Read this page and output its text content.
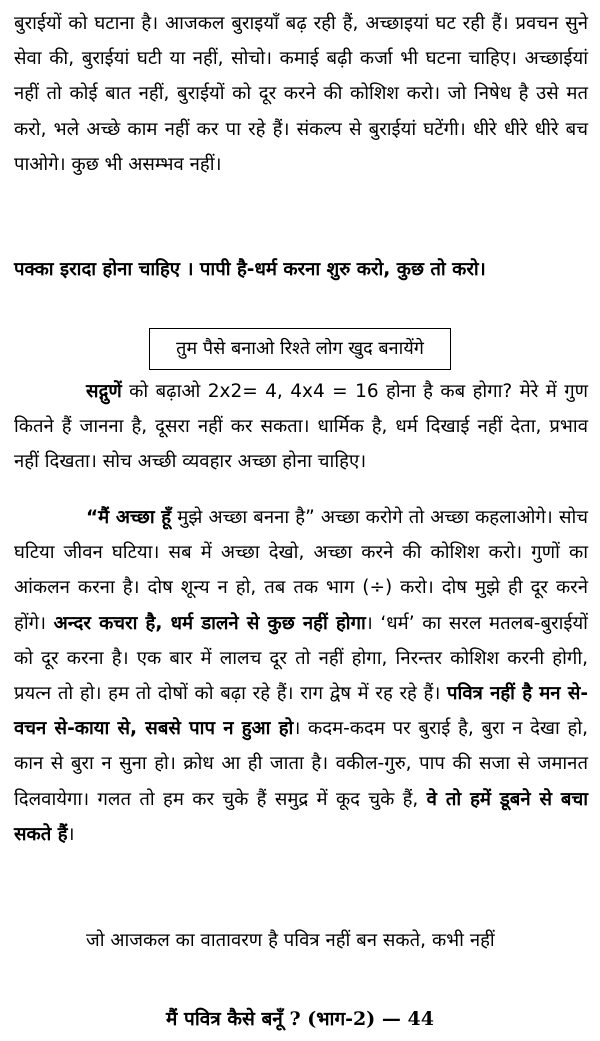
बुराईयों को घटाना है। आजकल बुराइयाँ बढ़ रही हैं, अच्छाइयां घट रही हैं। प्रवचन सुने सेवा की, बुराईयां घटी या नहीं, सोचो। कमाई बढ़ी कर्जा भी घटना चाहिए। अच्छाईयां नहीं तो कोई बात नहीं, बुराईयों को दूर करने की कोशिश करो। जो निषेध है उसे मत करो, भले अच्छे काम नहीं कर पा रहे हैं। संकल्प से बुराईयां घटेंगी। धीरे धीरे धीरे बच पाओगे। कुछ भी असम्भव नहीं।

पक्का इरादा होना चाहिए । पापी है-धर्म करना शुरु करो, कुछ तो करो।

तुम पैसे बनाओ रिश्ते लोग खुद बनायेंगे

सद्गुणें को बढ़ाओ 2x2= 4, 4x4 = 16 होना है कब होगा? मेरे में गुण कितने हैं जानना है, दूसरा नहीं कर सकता। धार्मिक है, धर्म दिखाई नहीं देता, प्रभाव नहीं दिखता। सोच अच्छी व्यवहार अच्छा होना चाहिए।

“मैं अच्छा हूँ मुझे अच्छा बनना है” अच्छा करोगे तो अच्छा कहलाओगे। सोच घटिया जीवन घटिया। सब में अच्छा देखो, अच्छा करने की कोशिश करो। गुणों का आंकलन करना है। दोष शून्य न हो, तब तक भाग (÷) करो। दोष मुझे ही दूर करने होंगे। अन्दर कचरा है, धर्म डालने से कुछ नहीं होगा। ‘धर्म’ का सरल मतलब-बुराईयों को दूर करना है। एक बार में लालच दूर तो नहीं होगा, निरन्तर कोशिश करनी होगी, प्रयत्न तो हो। हम तो दोषों को बढ़ा रहे हैं। राग द्वेष में रह रहे हैं। पवित्र नहीं है मन से-वचन से-काया से, सबसे पाप न हुआ हो। कदम-कदम पर बुराई है, बुरा न देखा हो, कान से बुरा न सुना हो। क्रोध आ ही जाता है। वकील-गुरु, पाप की सजा से जमानत दिलवायेगा। गलत तो हम कर चुके हैं समुद्र में कूद चुके हैं, वे तो हमें डूबने से बचा सकते हैं।

जो आजकल का वातावरण है पवित्र नहीं बन सकते, कभी नहीं

मैं पवित्र कैसे बनूँ ? (भाग-2) — 44
